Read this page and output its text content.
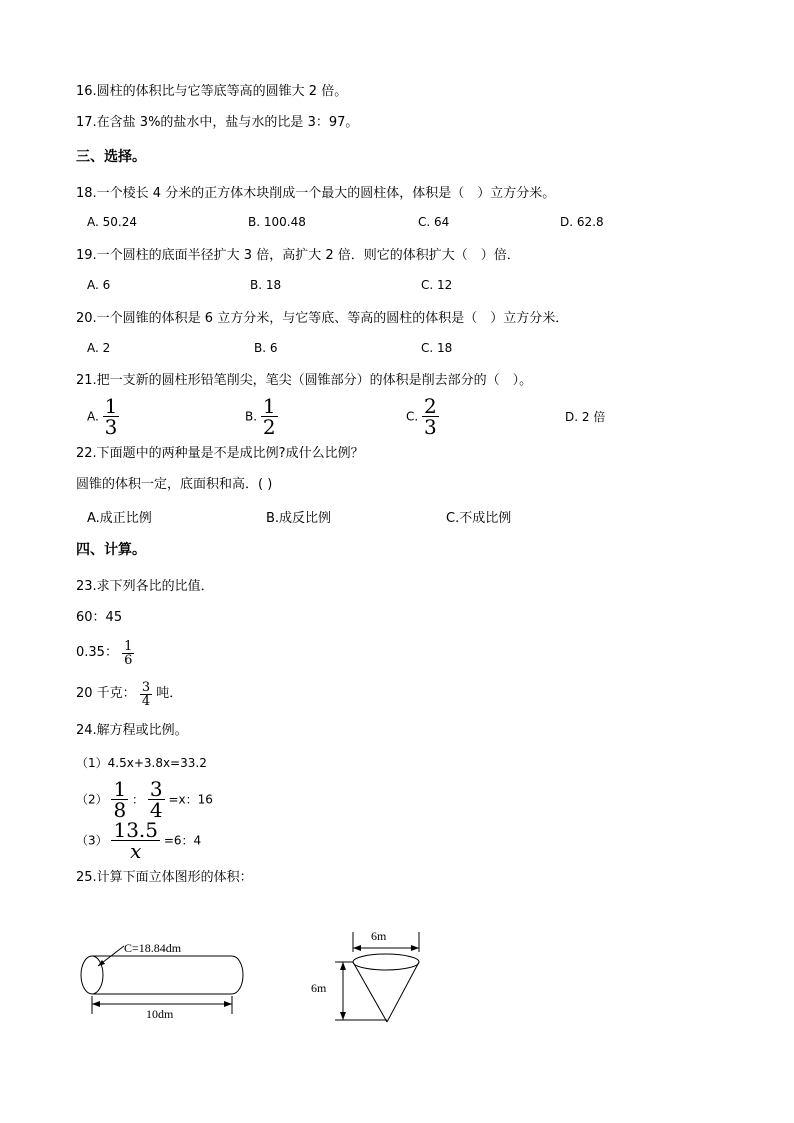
16.圆柱的体积比与它等底等高的圆锥大 2 倍。
17.在含盐 3%的盐水中，盐与水的比是 3：97。
三、选择。
18.一个棱长 4 分米的正方体木块削成一个最大的圆柱体，体积是（　）立方分米。
A. 50.24	B. 100.48	C. 64	D. 62.8
19.一个圆柱的底面半径扩大 3 倍，高扩大 2 倍．则它的体积扩大（　）倍．
A. 6	B. 18	C. 12
20.一个圆锥的体积是 6 立方分米，与它等底、等高的圆柱的体积是（　）立方分米．
A. 2	B. 6	C. 18
21.把一支新的圆柱形铅笔削尖，笔尖（圆锥部分）的体积是削去部分的（　）。
A. $\frac{1}{3}$	B. $\frac{1}{2}$	C. $\frac{2}{3}$	D. 2 倍
22.下面题中的两种量是不是成比例?成什么比例？
圆锥的体积一定，底面积和高．( )
A.成正比例	B.成反比例	C.不成比例
四、计算。
23.求下列各比的比值．
60：45
0.35： $\frac{1}{6}$
20 千克： $\frac{3}{4}$ 吨．
24.解方程或比例。
（1）4.5x+3.8x=33.2
$(2) \frac{1}{8}$ ： $\frac{3}{4} =x$：16
$(3) \frac{13.5}{x} =6$：4
25.计算下面立体图形的体积：
C=18.84dm
10dm
6m
6m
